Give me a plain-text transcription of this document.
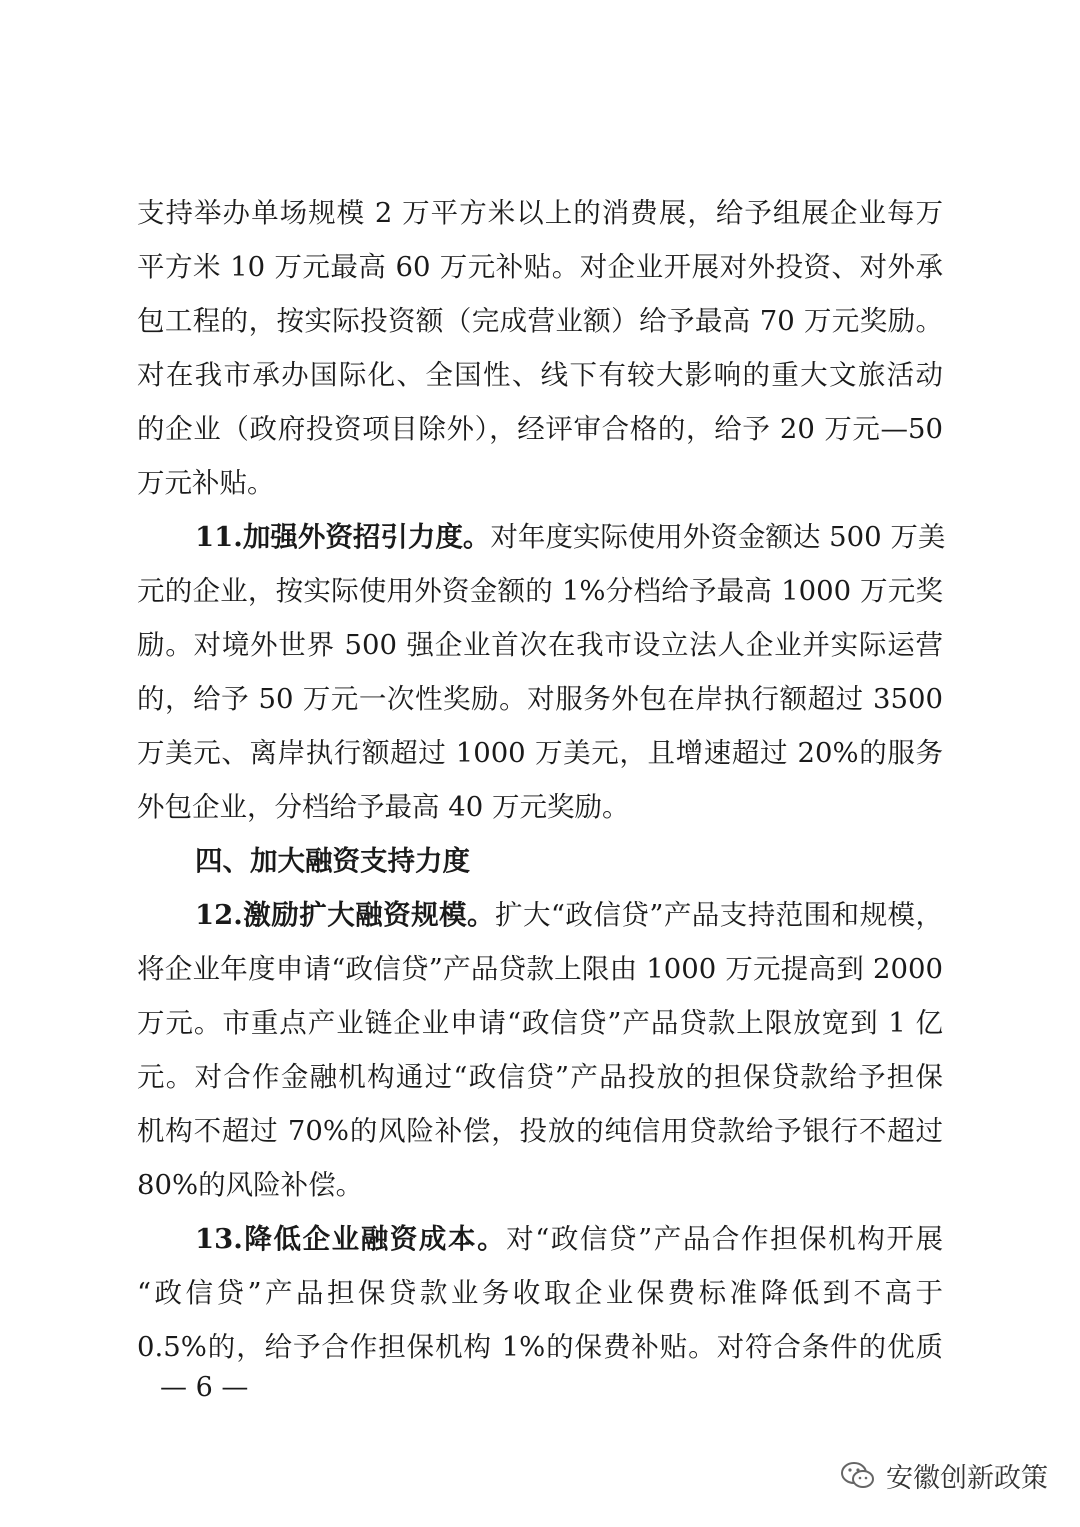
支持举办单场规模 2 万平方米以上的消费展，给予组展企业每万
平方米 10 万元最高 60 万元补贴。对企业开展对外投资、对外承
包工程的，按实际投资额（完成营业额）给予最高 70 万元奖励。
对在我市承办国际化、全国性、线下有较大影响的重大文旅活动
的企业（政府投资项目除外），经评审合格的，给予 20 万元—50
万元补贴。
11.加强外资招引力度。对年度实际使用外资金额达 500 万美
元的企业，按实际使用外资金额的 1%分档给予最高 1000 万元奖
励。对境外世界 500 强企业首次在我市设立法人企业并实际运营
的，给予 50 万元一次性奖励。对服务外包在岸执行额超过 3500
万美元、离岸执行额超过 1000 万美元，且增速超过 20%的服务
外包企业，分档给予最高 40 万元奖励。
四、加大融资支持力度
12.激励扩大融资规模。扩大“政信贷”产品支持范围和规模，
将企业年度申请“政信贷”产品贷款上限由 1000 万元提高到 2000
万元。市重点产业链企业申请“政信贷”产品贷款上限放宽到 1 亿
元。对合作金融机构通过“政信贷”产品投放的担保贷款给予担保
机构不超过 70%的风险补偿，投放的纯信用贷款给予银行不超过
80%的风险补偿。
13.降低企业融资成本。对“政信贷”产品合作担保机构开展
“政信贷”产品担保贷款业务收取企业保费标准降低到不高于
0.5%的，给予合作担保机构 1%的保费补贴。对符合条件的优质
— 6 —
安徽创新政策
